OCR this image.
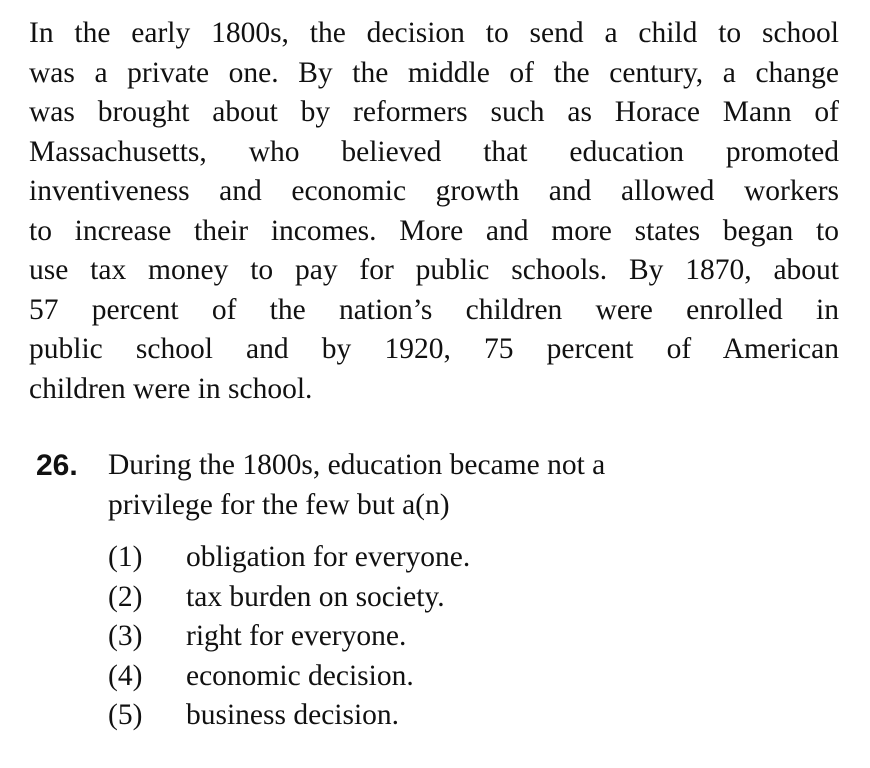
In the early 1800s, the decision to send a child to school
was a private one. By the middle of the century, a change
was brought about by reformers such as Horace Mann of
Massachusetts, who believed that education promoted
inventiveness and economic growth and allowed workers
to increase their incomes. More and more states began to
use tax money to pay for public schools. By 1870, about
57 percent of the nation’s children were enrolled in
public school and by 1920, 75 percent of American
children were in school.
26. During the 1800s, education became not a
privilege for the few but a(n)
(1)	obligation for everyone.
(2)	tax burden on society.
(3)	right for everyone.
(4)	economic decision.
(5)	business decision.
